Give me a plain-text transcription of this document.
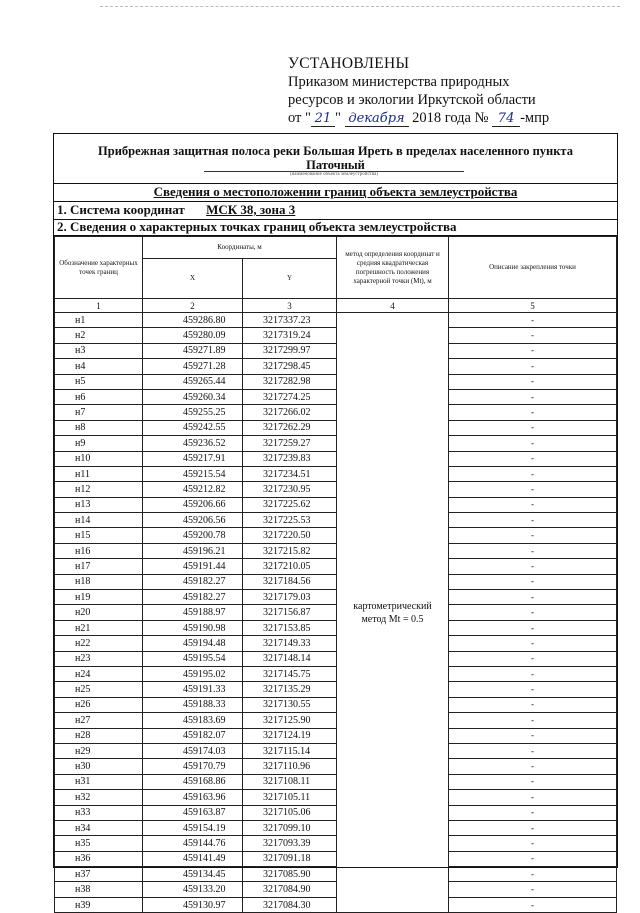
УСТАНОВЛЕНЫ
Приказом министерства природных
ресурсов и экологии Иркутской области
от " 21 " декабря 2018 года № 74 -мпр
Прибрежная защитная полоса реки Большая Иреть в пределах населенного пункта Паточный
(наименование объекта землеустройства)
Сведения о местоположении границ объекта землеустройства
1. Система координат МСК 38, зона 3
2. Сведения о характерных точках границ объекта землеустройства
Обозначение характерных точек границ	Координаты, м		метод определения координат и средняя квадратическая погрешность положения характерной точки (Мt), м	Описание закрепления точки
	X	Y		
1	2	3	4	5
н1	459286.80	3217337.23	картометрический метод Мt = 0.5	-
н2	459280.09	3217319.24		-
н3	459271.89	3217299.97		-
н4	459271.28	3217298.45		-
н5	459265.44	3217282.98		-
н6	459260.34	3217274.25		-
н7	459255.25	3217266.02		-
н8	459242.55	3217262.29		-
н9	459236.52	3217259.27		-
н10	459217.91	3217239.83		-
н11	459215.54	3217234.51		-
н12	459212.82	3217230.95		-
н13	459206.66	3217225.62		-
н14	459206.56	3217225.53		-
н15	459200.78	3217220.50		-
н16	459196.21	3217215.82		-
н17	459191.44	3217210.05		-
н18	459182.27	3217184.56		-
н19	459182.27	3217179.03		-
н20	459188.97	3217156.87		-
н21	459190.98	3217153.85		-
н22	459194.48	3217149.33		-
н23	459195.54	3217148.14		-
н24	459195.02	3217145.75		-
н25	459191.33	3217135.29		-
н26	459188.33	3217130.55		-
н27	459183.69	3217125.90		-
н28	459182.07	3217124.19		-
н29	459174.03	3217115.14		-
н30	459170.79	3217110.96		-
н31	459168.86	3217108.11		-
н32	459163.96	3217105.11		-
н33	459163.87	3217105.06		-
н34	459154.19	3217099.10		-
н35	459144.76	3217093.39		-
н36	459141.49	3217091.18		-
н37	459134.45	3217085.90		-
н38	459133.20	3217084.90		-
н39	459130.97	3217084.30		-
